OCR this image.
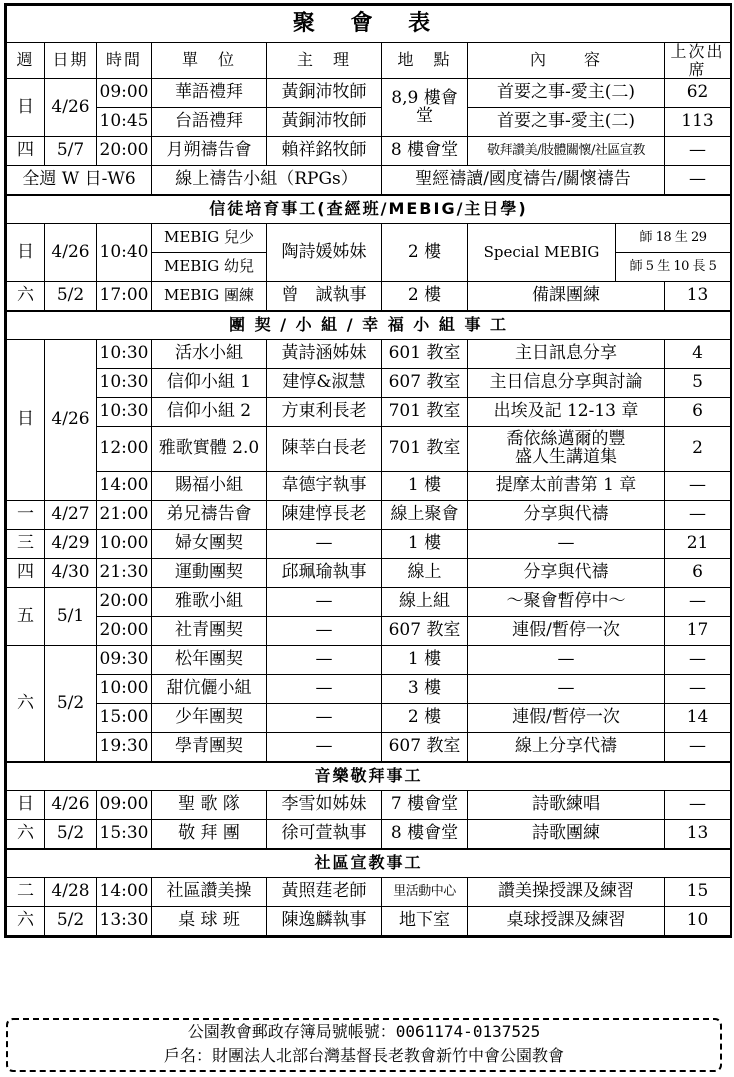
聚 會 表								
週	日期	時間	單　位	主　理	地　點	內　　容		上次出席
日	4/26	09:00	華語禮拜	黃銅沛牧師	8,9 樓會堂	首要之事-愛主(二)		62
		10:45	台語禮拜	黃銅沛牧師		首要之事-愛主(二)		113
四	5/7	20:00	月朔禱告會	賴祥銘牧師	8 樓會堂	敬拜讚美/肢體關懷/社區宣教		—
全週 W 日-W6			線上禱告小組（RPGs）		聖經禱讀/國度禱告/關懷禱告			—
信徒培育事工(查經班/MEBIG/主日學)								
日	4/26	10:40	MEBIG 兒少	陶詩媛姊妹	2 樓	Special MEBIG	師 18 生 29	
			MEBIG 幼兒				師 5 生 10 長 5	
六	5/2	17:00	MEBIG 團練	曾　誠執事	2 樓	備課團練		13
團 契 / 小 組 / 幸 福 小 組 事 工								
日	4/26	10:30	活水小組	黃詩涵姊妹	601 教室	主日訊息分享		4
		10:30	信仰小組 1	建惇&淑慧	607 教室	主日信息分享與討論		5
		10:30	信仰小組 2	方東利長老	701 教室	出埃及記 12-13 章		6
		12:00	雅歌實體 2.0	陳莘白長老	701 教室	喬依絲邁爾的豐盛人生講道集		2
		14:00	賜福小組	韋德宇執事	1 樓	提摩太前書第 1 章		—
一	4/27	21:00	弟兄禱告會	陳建惇長老	線上聚會	分享與代禱		—
三	4/29	10:00	婦女團契	—	1 樓	—		21
四	4/30	21:30	運動團契	邱珮瑜執事	線上	分享與代禱		6
五	5/1	20:00	雅歌小組	—	線上組	～聚會暫停中～		—
		20:00	社青團契	—	607 教室	連假/暫停一次		17
六	5/2	09:30	松年團契	—	1 樓	—		—
		10:00	甜伉儷小組	—	3 樓	—		—
		15:00	少年團契	—	2 樓	連假/暫停一次		14
		19:30	學青團契	—	607 教室	線上分享代禱		—
音樂敬拜事工								
日	4/26	09:00	聖 歌 隊	李雪如姊妹	7 樓會堂	詩歌練唱		—
六	5/2	15:30	敬 拜 團	徐可萱執事	8 樓會堂	詩歌團練		13
社區宣教事工								
二	4/28	14:00	社區讚美操	黃照莛老師	里活動中心	讚美操授課及練習		15
六	5/2	13:30	桌 球 班	陳逸麟執事	地下室	桌球授課及練習		10
公園教會郵政存簿局號帳號：0061174-0137525
戶名：財團法人北部台灣基督長老教會新竹中會公園教會
